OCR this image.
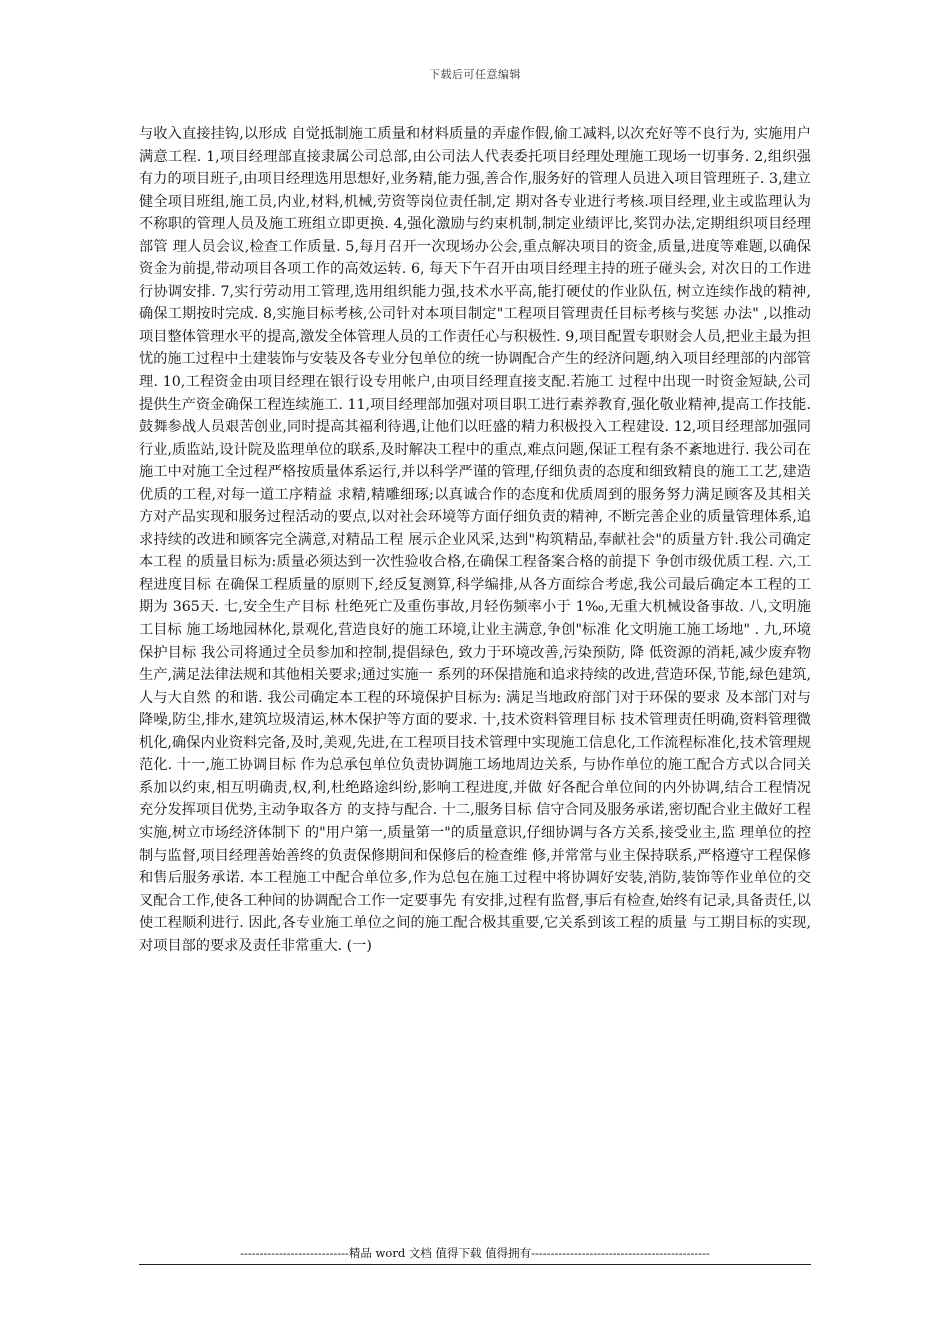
下载后可任意编辑

与收入直接挂钩,以形成 自觉抵制施工质量和材料质量的弄虚作假,偷工减料,以次充好等不良行为, 实施用户满意工程. 1,项目经理部直接隶属公司总部,由公司法人代表委托项目经理处理施工现场一切事务. 2,组织强有力的项目班子,由项目经理选用思想好,业务精,能力强,善合作,服务好的管理人员进入项目管理班子. 3,建立健全项目班组,施工员,内业,材料,机械,劳资等岗位责任制,定 期对各专业进行考核.项目经理,业主或监理认为不称职的管理人员及施工班组立即更换. 4,强化激励与约束机制,制定业绩评比,奖罚办法,定期组织项目经理部管 理人员会议,检查工作质量. 5,每月召开一次现场办公会,重点解决项目的资金,质量,进度等难题,以确保资金为前提,带动项目各项工作的高效运转. 6, 每天下午召开由项目经理主持的班子碰头会, 对次日的工作进行协调安排. 7,实行劳动用工管理,选用组织能力强,技术水平高,能打硬仗的作业队伍, 树立连续作战的精神,确保工期按时完成. 8,实施目标考核,公司针对本项目制定"工程项目管理责任目标考核与奖惩 办法" ,以推动项目整体管理水平的提高,激发全体管理人员的工作责任心与积极性. 9,项目配置专职财会人员,把业主最为担忧的施工过程中土建装饰与安装及各专业分包单位的统一协调配合产生的经济问题,纳入项目经理部的内部管 理. 10,工程资金由项目经理在银行设专用帐户,由项目经理直接支配.若施工 过程中出现一时资金短缺,公司提供生产资金确保工程连续施工. 11,项目经理部加强对项目职工进行素养教育,强化敬业精神,提高工作技能.鼓舞参战人员艰苦创业,同时提高其福利待遇,让他们以旺盛的精力积极投入工程建设. 12,项目经理部加强同行业,质监站,设计院及监理单位的联系,及时解决工程中的重点,难点问题,保证工程有条不紊地进行. 我公司在施工中对施工全过程严格按质量体系运行,并以科学严谨的管理,仔细负责的态度和细致精良的施工工艺,建造优质的工程,对每一道工序精益 求精,精雕细琢;以真诚合作的态度和优质周到的服务努力满足顾客及其相关 方对产品实现和服务过程活动的要点,以对社会环境等方面仔细负责的精神, 不断完善企业的质量管理体系,追求持续的改进和顾客完全满意,对精品工程 展示企业风采,达到"构筑精品,奉献社会"的质量方针.我公司确定本工程 的质量目标为:质量必须达到一次性验收合格,在确保工程备案合格的前提下 争创市级优质工程. 六,工程进度目标 在确保工程质量的原则下,经反复测算,科学编排,从各方面综合考虑,我公司最后确定本工程的工期为 365天. 七,安全生产目标 杜绝死亡及重伤事故,月轻伤频率小于 1‰,无重大机械设备事故. 八,文明施工目标 施工场地园林化,景观化,营造良好的施工环境,让业主满意,争创"标准 化文明施工施工场地" . 九,环境保护目标 我公司将通过全员参加和控制,提倡绿色, 致力于环境改善,污染预防, 降 低资源的消耗,减少废弃物生产,满足法律法规和其他相关要求;通过实施一 系列的环保措施和追求持续的改进,营造环保,节能,绿色建筑,人与大自然 的和谐. 我公司确定本工程的环境保护目标为: 满足当地政府部门对于环保的要求 及本部门对与降噪,防尘,排水,建筑垃圾清运,林木保护等方面的要求. 十,技术资料管理目标 技术管理责任明确,资料管理微机化,确保内业资料完备,及时,美观,先进,在工程项目技术管理中实现施工信息化,工作流程标准化,技术管理规 范化. 十一,施工协调目标 作为总承包单位负责协调施工场地周边关系, 与协作单位的施工配合方式以合同关系加以约束,相互明确责,权,利,杜绝路途纠纷,影响工程进度,并做 好各配合单位间的内外协调,结合工程情况充分发挥项目优势,主动争取各方 的支持与配合. 十二,服务目标 信守合同及服务承诺,密切配合业主做好工程实施,树立市场经济体制下 的"用户第一,质量第一"的质量意识,仔细协调与各方关系,接受业主,监 理单位的控制与监督,项目经理善始善终的负责保修期间和保修后的检查维 修,并常常与业主保持联系,严格遵守工程保修和售后服务承诺. 本工程施工中配合单位多,作为总包在施工过程中将协调好安装,消防,装饰等作业单位的交叉配合工作,使各工种间的协调配合工作一定要事先 有安排,过程有监督,事后有检查,始终有记录,具备责任,以使工程顺利进行. 因此,各专业施工单位之间的施工配合极其重要,它关系到该工程的质量 与工期目标的实现,对项目部的要求及责任非常重大. (一)

----------------------------精品 word 文档 值得下载 值得拥有----------------------------------------------
